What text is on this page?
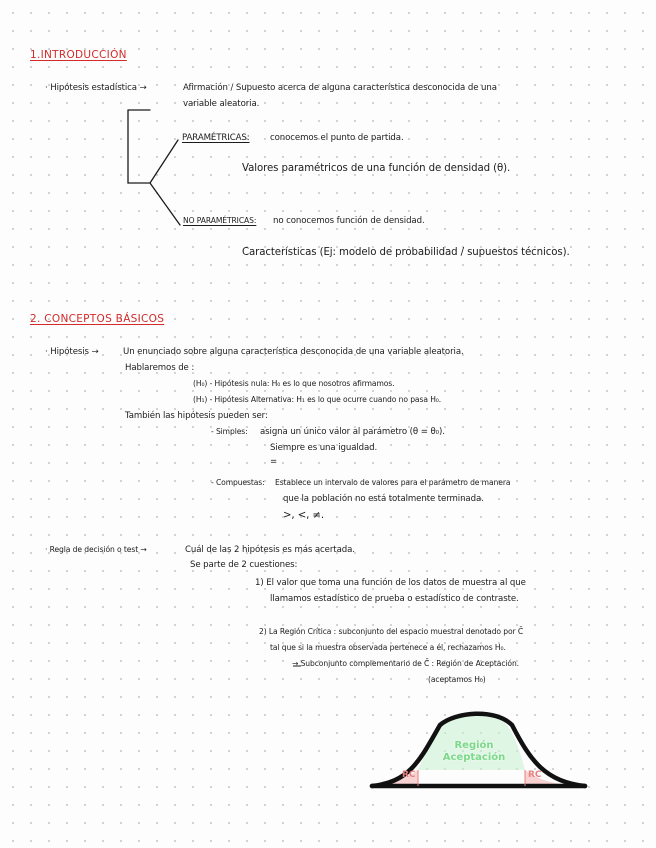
1.INTRODUCCIÓN
· Hipótesis estadística →	Afirmación / Supuesto acerca de alguna característica desconocida de una
variable aleatoria.
PARAMÉTRICAS: conocemos el punto de partida.
Valores paramétricos de una función de densidad (θ).
NO PARAMÉTRICAS: no conocemos función de densidad.
Características (Ej: modelo de probabilidad / supuestos técnicos).
2. CONCEPTOS BÁSICOS
· Hipótesis →	Un enunciado sobre alguna característica desconocida de una variable aleatoria.
Hablaremos de :
(H₀) - Hipótesis nula: H₀ es lo que nosotros afirmamos.
(H₁) - Hipótesis Alternativa: H₁ es lo que ocurre cuando no pasa H₀.
También las hipótesis pueden ser:
- Simples: asigna un único valor al parámetro (θ = θ₀).
Siempre es una igualdad.
=
- Compuestas: Establece un intervalo de valores para el parámetro de manera
que la población no está totalmente terminada.
>, <, ≠.
· Regla de decisión o test →	Cuál de las 2 hipótesis es más acertada.
Se parte de 2 cuestiones:
1) El valor que toma una función de los datos de muestra al que
llamamos estadístico de prueba o estadístico de contraste.
2) La Región Crítica : subconjunto del espacio muestral denotado por C̄
tal que si la muestra observada pertenece a él, rechazamos H₀.
→ Subconjunto complementario de C̄ : Región de Aceptación.
(aceptamos H₀)
Región
Aceptación
RC	RC
